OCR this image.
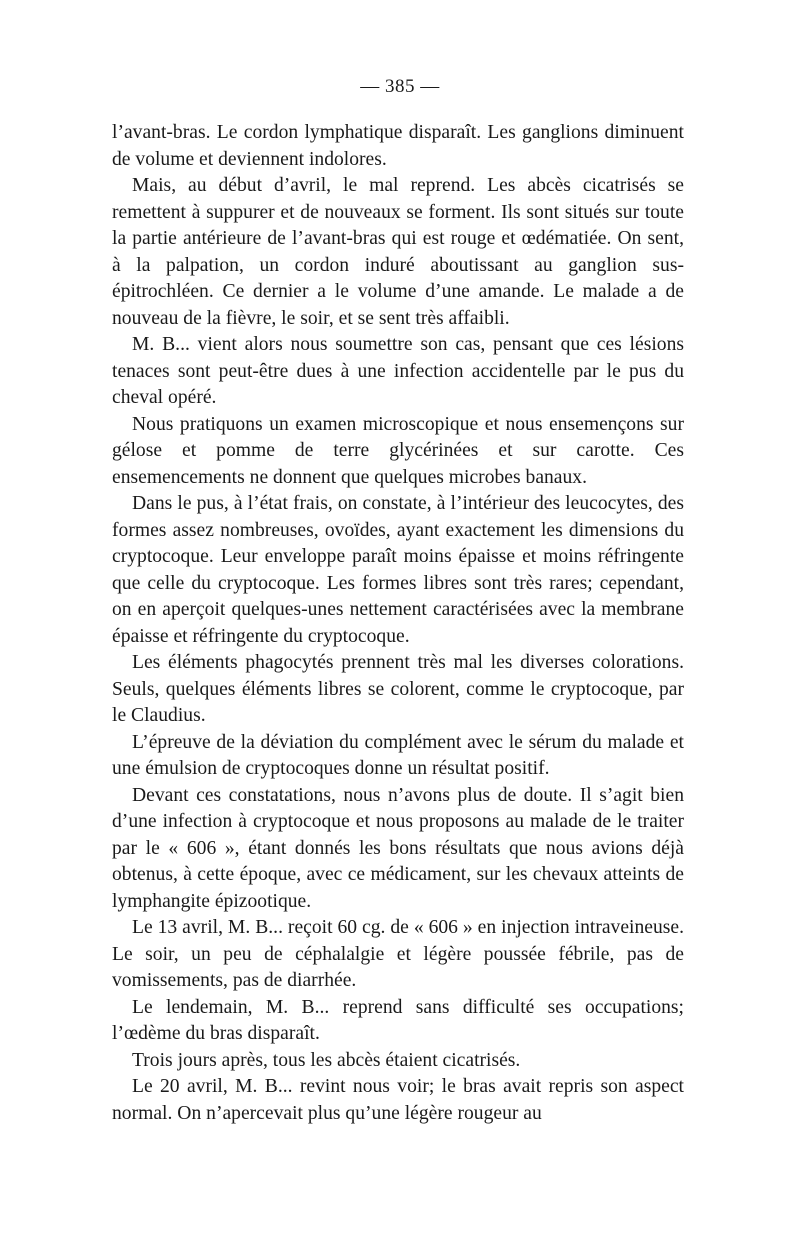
— 385 —

l’avant-bras. Le cordon lymphatique disparaît. Les ganglions diminuent de volume et deviennent indolores.

Mais, au début d’avril, le mal reprend. Les abcès cicatrisés se remettent à suppurer et de nouveaux se forment. Ils sont situés sur toute la partie antérieure de l’avant-bras qui est rouge et œdématiée. On sent, à la palpation, un cordon induré aboutissant au ganglion sus-épitrochléen. Ce dernier a le volume d’une amande. Le malade a de nouveau de la fièvre, le soir, et se sent très affaibli.

M. B... vient alors nous soumettre son cas, pensant que ces lésions tenaces sont peut-être dues à une infection accidentelle par le pus du cheval opéré.

Nous pratiquons un examen microscopique et nous ensemençons sur gélose et pomme de terre glycérinées et sur carotte. Ces ensemencements ne donnent que quelques microbes banaux.

Dans le pus, à l’état frais, on constate, à l’intérieur des leucocytes, des formes assez nombreuses, ovoïdes, ayant exactement les dimensions du cryptocoque. Leur enveloppe paraît moins épaisse et moins réfringente que celle du cryptocoque. Les formes libres sont très rares; cependant, on en aperçoit quelques-unes nettement caractérisées avec la membrane épaisse et réfringente du cryptocoque.

Les éléments phagocytés prennent très mal les diverses colorations. Seuls, quelques éléments libres se colorent, comme le cryptocoque, par le Claudius.

L’épreuve de la déviation du complément avec le sérum du malade et une émulsion de cryptocoques donne un résultat positif.

Devant ces constatations, nous n’avons plus de doute. Il s’agit bien d’une infection à cryptocoque et nous proposons au malade de le traiter par le « 606 », étant donnés les bons résultats que nous avions déjà obtenus, à cette époque, avec ce médicament, sur les chevaux atteints de lymphangite épizootique.

Le 13 avril, M. B... reçoit 60 cg. de « 606 » en injection intraveineuse. Le soir, un peu de céphalalgie et légère poussée fébrile, pas de vomissements, pas de diarrhée.

Le lendemain, M. B... reprend sans difficulté ses occupations; l’œdème du bras disparaît.

Trois jours après, tous les abcès étaient cicatrisés.

Le 20 avril, M. B... revint nous voir; le bras avait repris son aspect normal. On n’apercevait plus qu’une légère rougeur au
